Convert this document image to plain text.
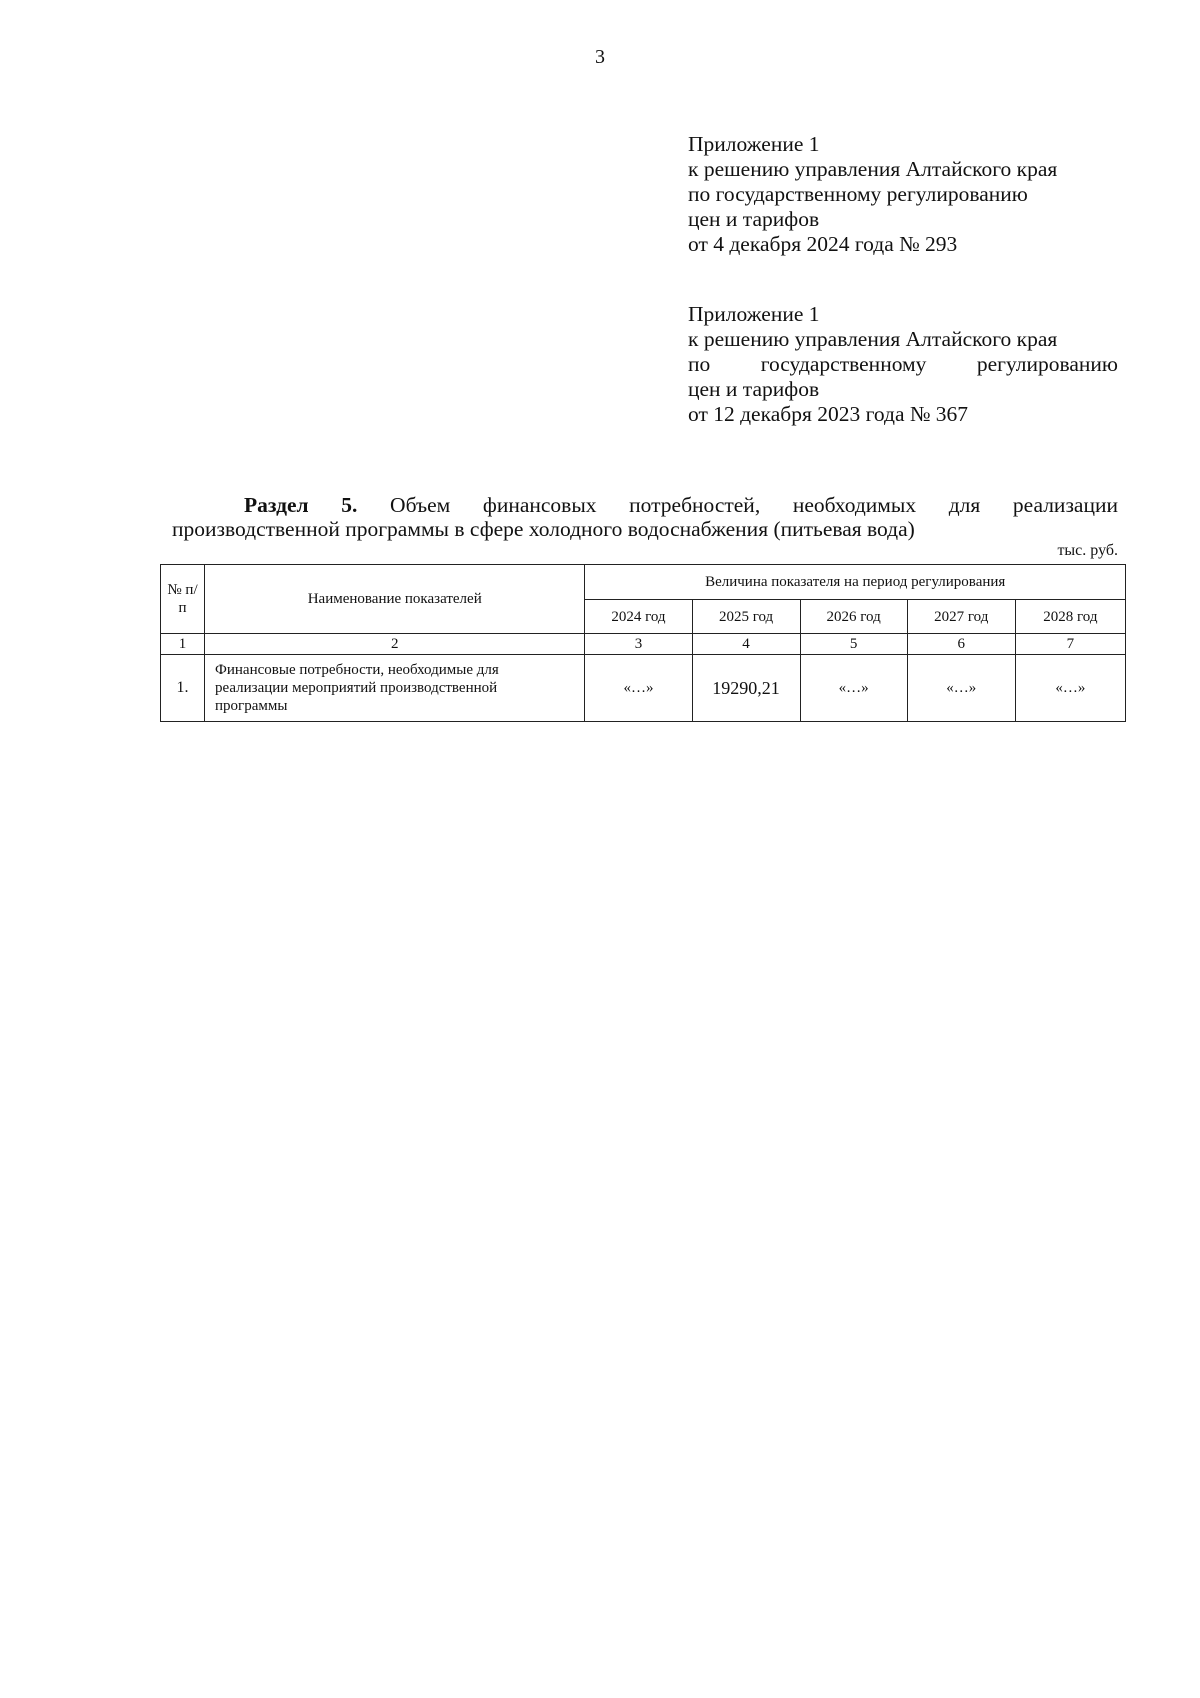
3
Приложение 1
к решению управления Алтайского края
по государственному регулированию
цен и тарифов
от 4 декабря 2024 года № 293
Приложение 1
к решению управления Алтайского края
по государственному регулированию
цен и тарифов
от 12 декабря 2023 года № 367
Раздел 5. Объем финансовых потребностей, необходимых для реализации
производственной программы в сфере холодного водоснабжения (питьевая вода)
тыс. руб.
№ п/п	Наименование показателей	Величина показателя на период регулирования				
		2024 год	2025 год	2026 год	2027 год	2028 год
1	2	3	4	5	6	7
1.	Финансовые потребности, необходимые для
реализации мероприятий производственной
программы	«…»	19290,21	«…»	«…»	«…»
